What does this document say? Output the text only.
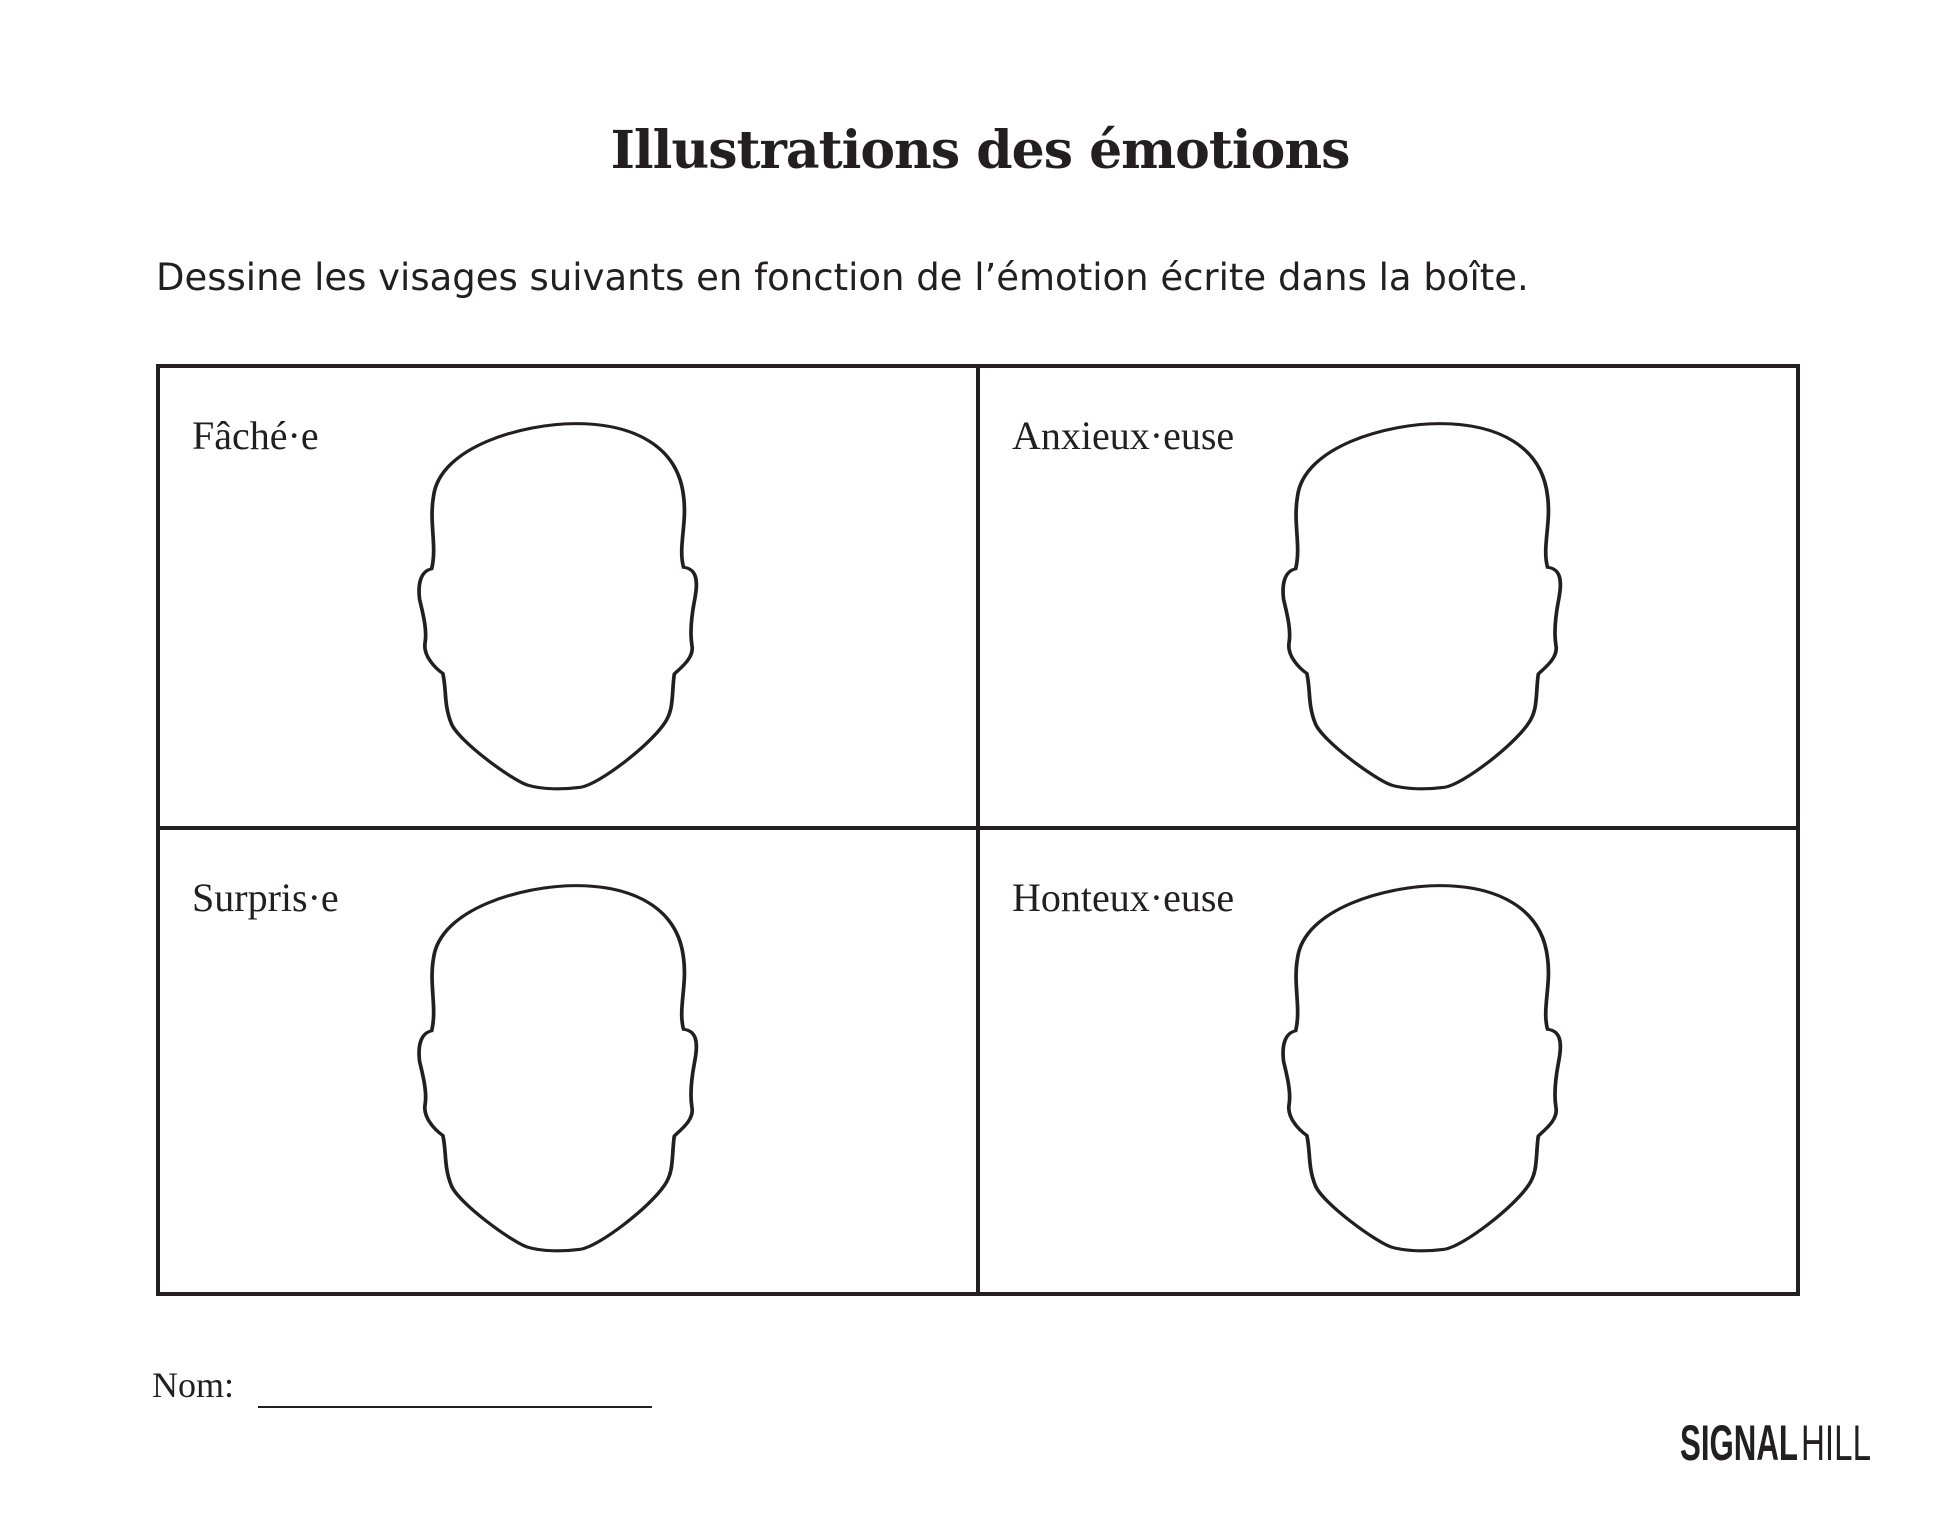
Illustrations des émotions

Dessine les visages suivants en fonction de l’émotion écrite dans la boîte.

Fâché·e	Anxieux·euse
Surpris·e	Honteux·euse
Nom:
SIGNAL HILL
